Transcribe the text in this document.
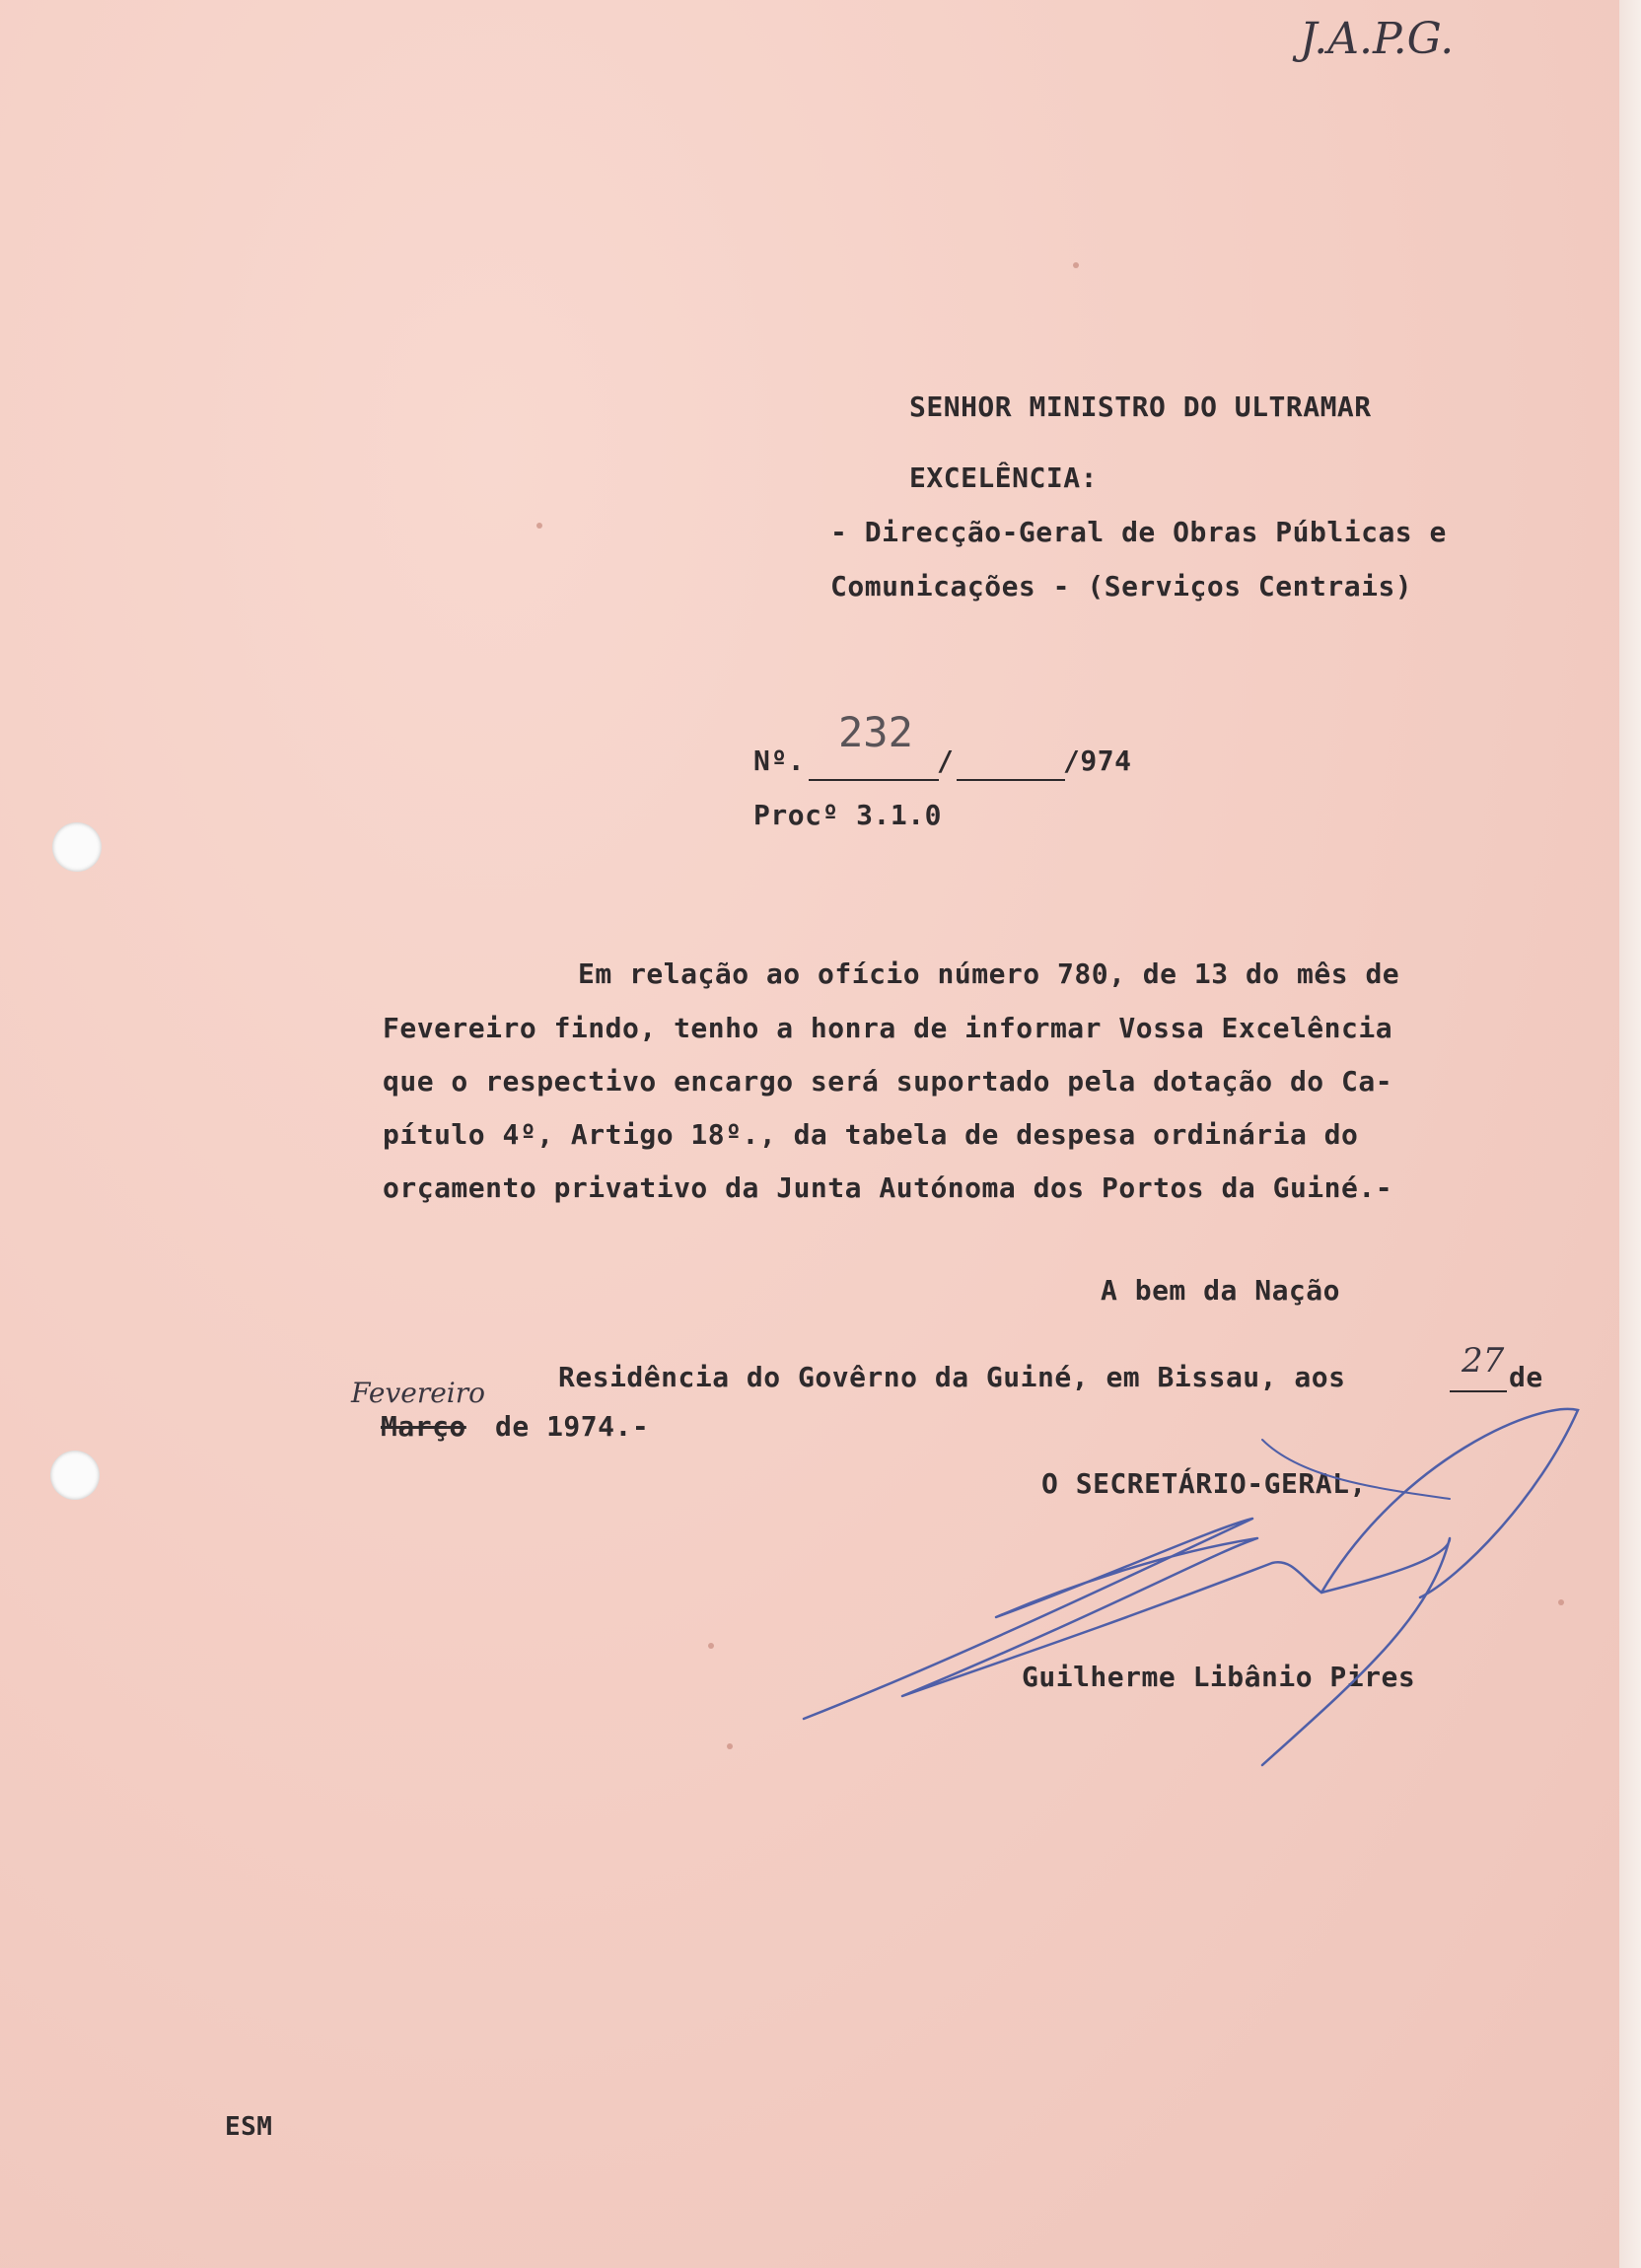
J.A.P.G.
SENHOR MINISTRO DO ULTRAMAR
EXCELÊNCIA:
- Direcção-Geral de Obras Públicas e
Comunicações - (Serviços Centrais)
Nº.
232
/	/974
Procº 3.1.0
Em relação ao ofício número 780, de 13 do mês de
Fevereiro findo, tenho a honra de informar Vossa Excelência
que o respectivo encargo será suportado pela dotação do Ca-
pítulo 4º, Artigo 18º., da tabela de despesa ordinária do
orçamento privativo da Junta Autónoma dos Portos da Guiné.-
A bem da Nação
Residência do Govêrno da Guiné, em Bissau, aos	27 de
Fevereiro
Março de 1974.-
O SECRETÁRIO-GERAL,
Guilherme Libânio Pires
ESM
